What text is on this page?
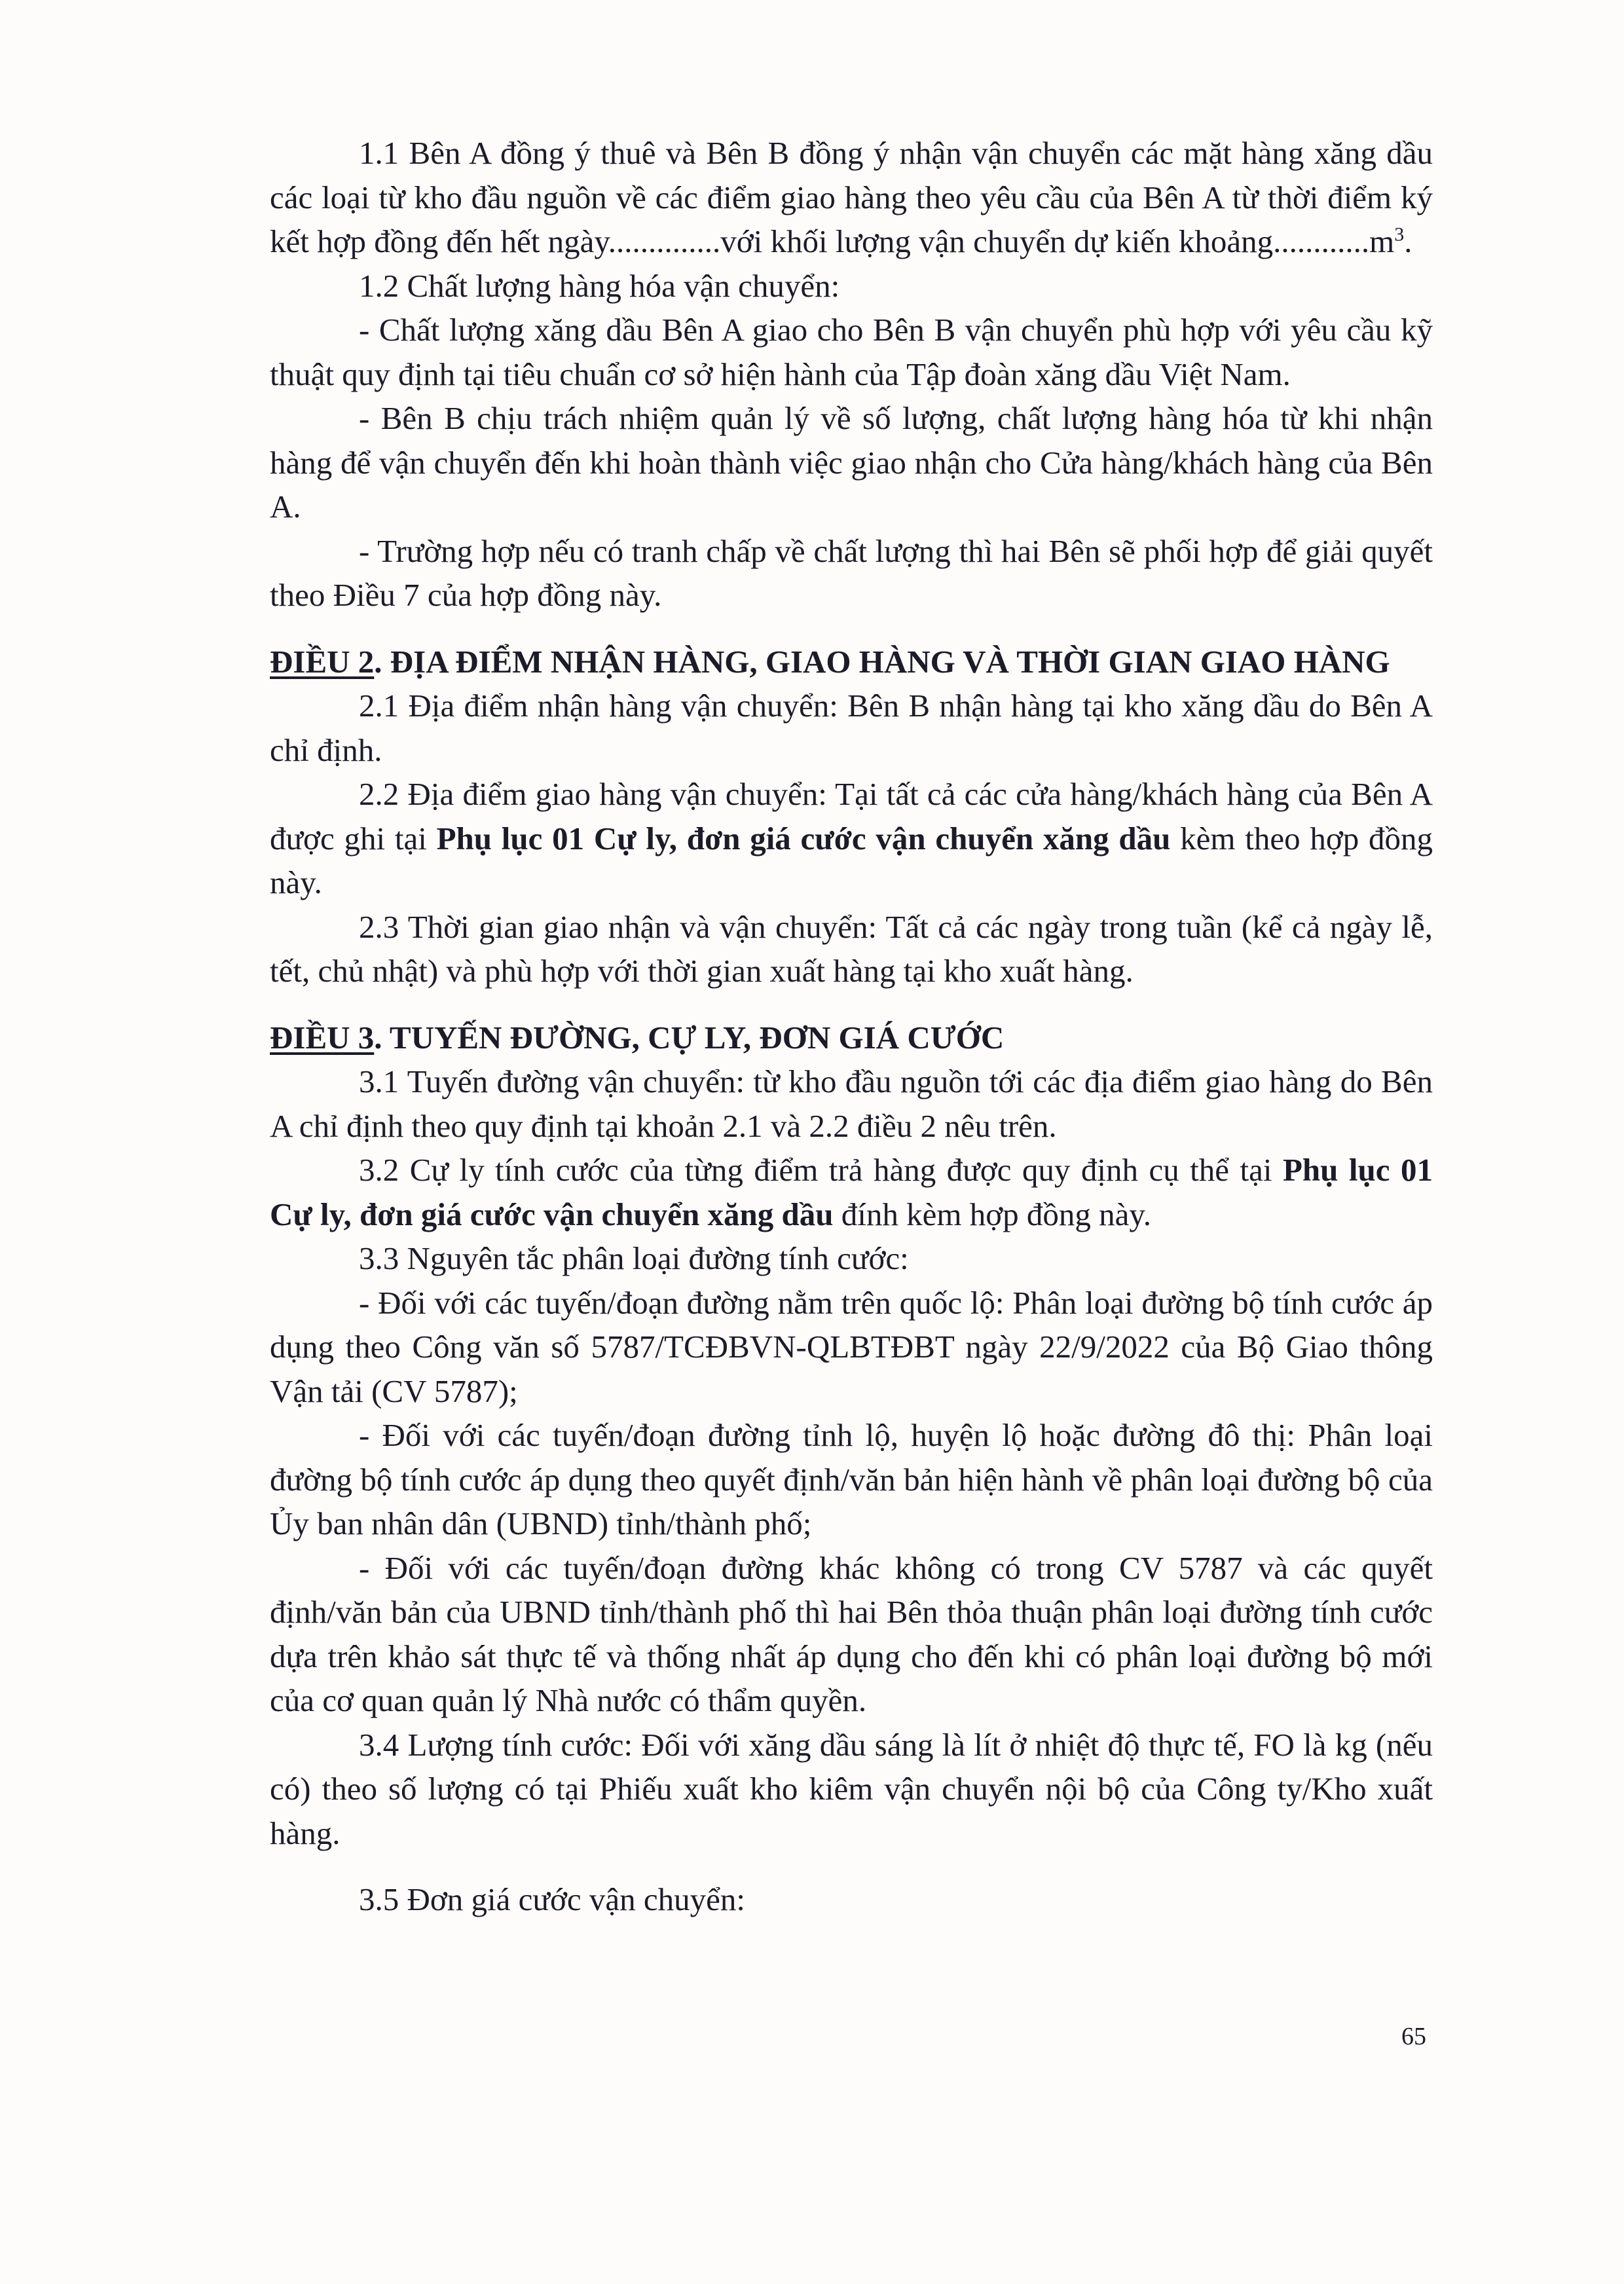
1.1 Bên A đồng ý thuê và Bên B đồng ý nhận vận chuyển các mặt hàng xăng dầu các loại từ kho đầu nguồn về các điểm giao hàng theo yêu cầu của Bên A từ thời điểm ký kết hợp đồng đến hết ngày..............với khối lượng vận chuyển dự kiến $khoảng............m^3$.

1.2 Chất lượng hàng hóa vận chuyển:

- Chất lượng xăng dầu Bên A giao cho Bên B vận chuyển phù hợp với yêu cầu kỹ thuật quy định tại tiêu chuẩn cơ sở hiện hành của Tập đoàn xăng dầu Việt Nam.

- Bên B chịu trách nhiệm quản lý về số lượng, chất lượng hàng hóa từ khi nhận hàng để vận chuyển đến khi hoàn thành việc giao nhận cho Cửa hàng/khách hàng của Bên A.

- Trường hợp nếu có tranh chấp về chất lượng thì hai Bên sẽ phối hợp để giải quyết theo Điều 7 của hợp đồng này.

ĐIỀU 2. ĐỊA ĐIỂM NHẬN HÀNG, GIAO HÀNG VÀ THỜI GIAN GIAO HÀNG

2.1 Địa điểm nhận hàng vận chuyển: Bên B nhận hàng tại kho xăng dầu do Bên A chỉ định.

2.2 Địa điểm giao hàng vận chuyển: Tại tất cả các cửa hàng/khách hàng của Bên A được ghi tại Phụ lục 01 Cự ly, đơn giá cước vận chuyển xăng dầu kèm theo hợp đồng này.

2.3 Thời gian giao nhận và vận chuyển: Tất cả các ngày trong tuần (kể cả ngày lễ, tết, chủ nhật) và phù hợp với thời gian xuất hàng tại kho xuất hàng.

ĐIỀU 3. TUYẾN ĐƯỜNG, CỰ LY, ĐƠN GIÁ CƯỚC

3.1 Tuyến đường vận chuyển: từ kho đầu nguồn tới các địa điểm giao hàng do Bên A chỉ định theo quy định tại khoản 2.1 và 2.2 điều 2 nêu trên.

3.2 Cự ly tính cước của từng điểm trả hàng được quy định cụ thể tại Phụ lục 01 Cự ly, đơn giá cước vận chuyển xăng dầu đính kèm hợp đồng này.

3.3 Nguyên tắc phân loại đường tính cước:

- Đối với các tuyến/đoạn đường nằm trên quốc lộ: Phân loại đường bộ tính cước áp dụng theo Công văn số 5787/TCĐBVN-QLBTĐBT ngày 22/9/2022 của Bộ Giao thông Vận tải (CV 5787);

- Đối với các tuyến/đoạn đường tỉnh lộ, huyện lộ hoặc đường đô thị: Phân loại đường bộ tính cước áp dụng theo quyết định/văn bản hiện hành về phân loại đường bộ của Ủy ban nhân dân (UBND) tỉnh/thành phố;

- Đối với các tuyến/đoạn đường khác không có trong CV 5787 và các quyết định/văn bản của UBND tỉnh/thành phố thì hai Bên thỏa thuận phân loại đường tính cước dựa trên khảo sát thực tế và thống nhất áp dụng cho đến khi có phân loại đường bộ mới của cơ quan quản lý Nhà nước có thẩm quyền.

3.4 Lượng tính cước: Đối với xăng dầu sáng là lít ở nhiệt độ thực tế, FO là kg (nếu có) theo số lượng có tại Phiếu xuất kho kiêm vận chuyển nội bộ của Công ty/Kho xuất hàng.

3.5 Đơn giá cước vận chuyển:

65
